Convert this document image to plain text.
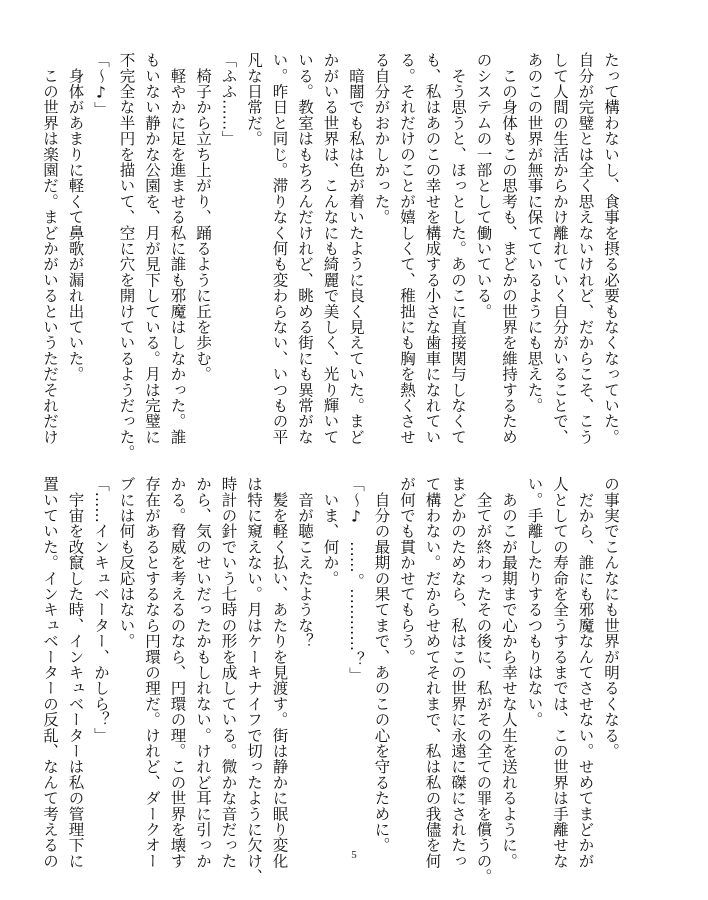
たって構わないし、食事を摂る必要もなくなっていた。
自分が完璧とは全く思えないけれど、だからこそ、こう
して人間の生活からかけ離れていく自分がいることで、
あのこの世界が無事に保てているようにも思えた。
　この身体もこの思考も、まどかの世界を維持するため
のシステムの一部として働いている。
　そう思うと、ほっとした。あのこに直接関与しなくて
も、私はあのこの幸せを構成する小さな歯車になれてい
る。それだけのことが嬉しくて、稚拙にも胸を熱くさせ
る自分がおかしかった。
　暗闇でも私は色が着いたように良く見えていた。まど
かがいる世界は、こんなにも綺麗で美しく、光り輝いて
いる。教室はもちろんだけれど、眺める街にも異常がな
い。昨日と同じ。滞りなく何も変わらない、いつもの平
凡な日常だ。
「ふふ……」
　椅子から立ち上がり、踊るように丘を歩む。
　軽やかに足を進ませる私に誰も邪魔はしなかった。誰
もいない静かな公園を、月が見下している。月は完璧に
不完全な半円を描いて、空に穴を開けているようだった。
「〜♪」
　身体があまりに軽くて鼻歌が漏れ出ていた。
　この世界は楽園だ。まどかがいるというただそれだけ
の事実でこんなにも世界が明るくなる。
　だから、誰にも邪魔なんてさせない。せめてまどかが
人としての寿命を全うするまでは、この世界は手離せな
い。手離したりするつもりはない。
　あのこが最期まで心から幸せな人生を送れるように。
　全てが終わったその後に、私がその全ての罪を償うの。
まどかのためなら、私はこの世界に永遠に磔にされたっ
て構わない。だからせめてそれまで、私は私の我儘を何
が何でも貫かせてもらう。
　自分の最期の果てまで、あのこの心を守るために。
「〜♪　……。…………？」
　いま、何か。
　音が聴こえたような？
　髪を軽く払い、あたりを見渡す。街は静かに眠り変化
は特に窺えない。月はケーキナイフで切ったように欠け、
時計の針でいう七時の形を成している。微かな音だった
から、気のせいだったかもしれない。けれど耳に引っか
かる。脅威を考えるのなら、円環の理。この世界を壊す
存在があるとするなら円環の理だ。けれど、ダークオー
ブには何も反応はない。
「……インキュベーター、かしら？」
　宇宙を改竄した時、インキュベーターは私の管理下に
置いていた。インキュベーターの反乱、なんて考えるの	5
